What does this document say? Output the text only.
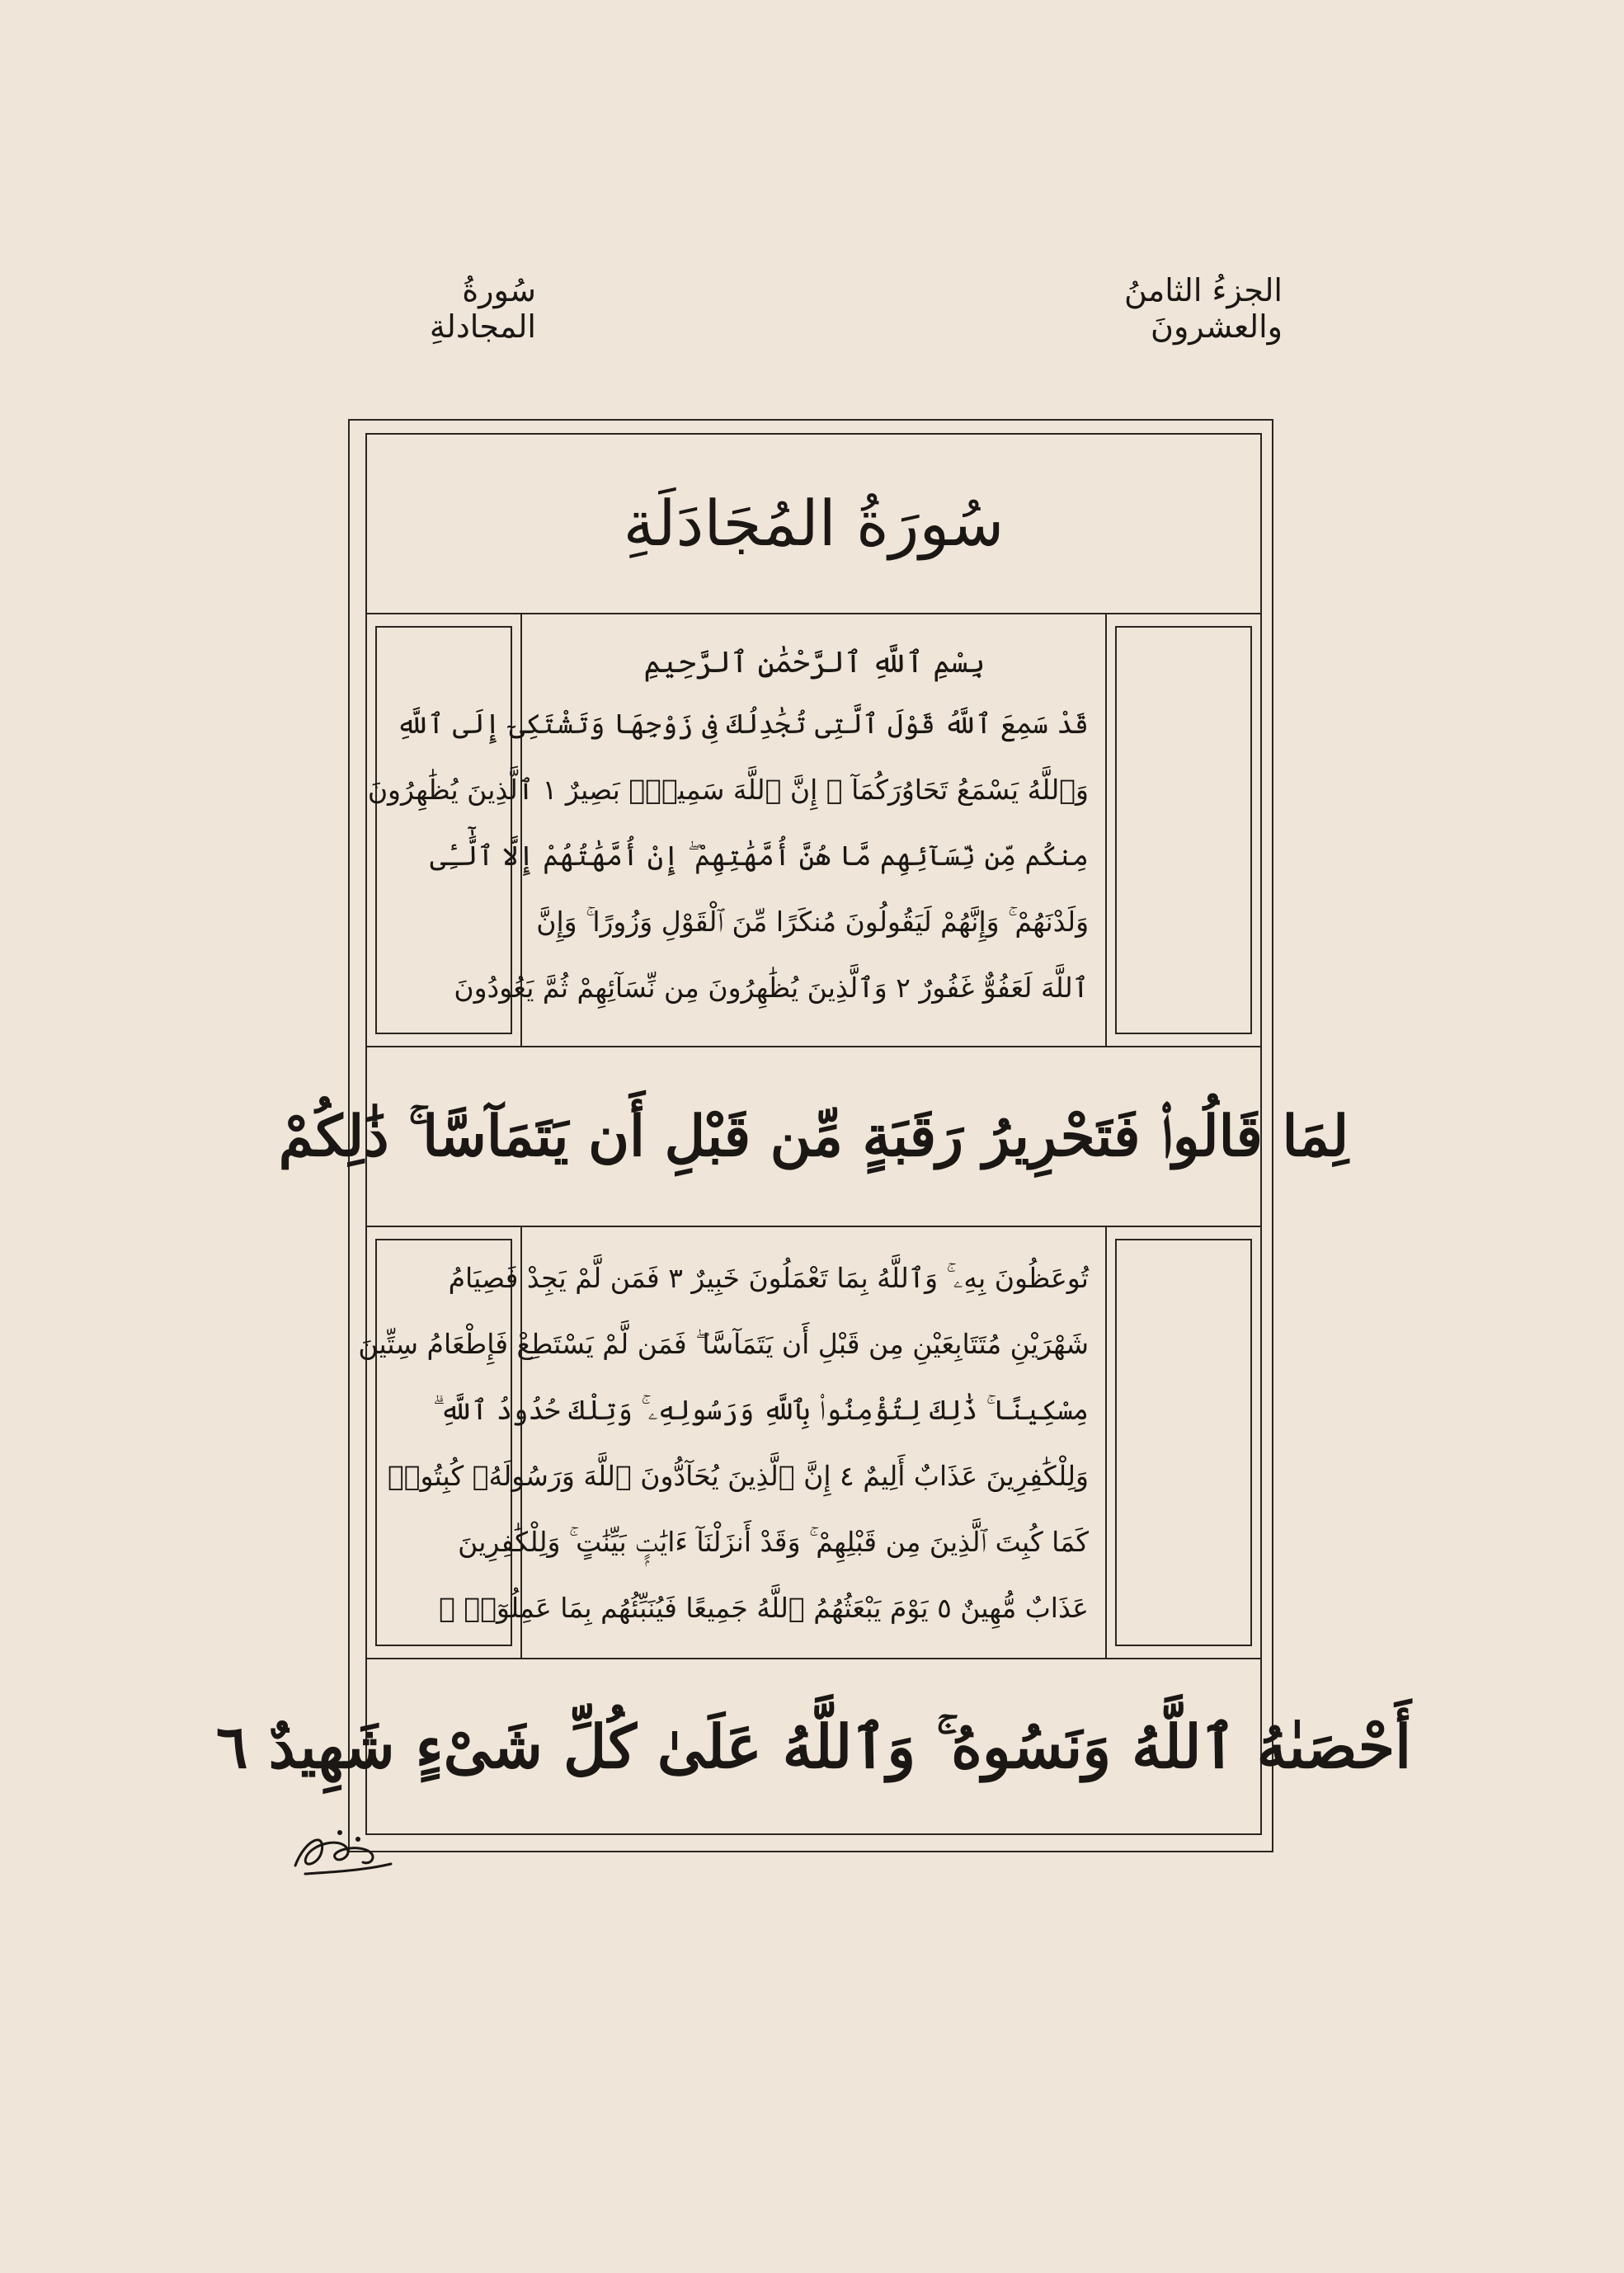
الجزءُ الثامنُ والعشرونَ
سُورةُ المجادلةِ
سُورَةُ المُجَادَلَةِ
بِسْمِ ٱللَّهِ ٱلرَّحْمَٰنِ ٱلرَّحِيمِ
قَدْ سَمِعَ ٱللَّهُ قَوْلَ ٱلَّتِى تُجَٰدِلُكَ فِى زَوْجِهَا وَتَشْتَكِىٓ إِلَى ٱللَّهِ
وَٱللَّهُ يَسْمَعُ تَحَاوُرَكُمَآ ۚ إِنَّ ٱللَّهَ سَمِيعٌۢ بَصِيرٌ ١ ٱلَّذِينَ يُظَٰهِرُونَ
مِنكُم مِّن نِّسَآئِهِم مَّا هُنَّ أُمَّهَٰتِهِمْ ۖ إِنْ أُمَّهَٰتُهُمْ إِلَّا ٱلَّٰٓـِٔى
وَلَدْنَهُمْ ۚ وَإِنَّهُمْ لَيَقُولُونَ مُنكَرًا مِّنَ ٱلْقَوْلِ وَزُورًا ۚ وَإِنَّ
ٱللَّهَ لَعَفُوٌّ غَفُورٌ ٢ وَٱلَّذِينَ يُظَٰهِرُونَ مِن نِّسَآئِهِمْ ثُمَّ يَعُودُونَ
لِمَا قَالُوا۟ فَتَحْرِيرُ رَقَبَةٍ مِّن قَبْلِ أَن يَتَمَآسَّا ۚ ذَٰلِكُمْ
تُوعَظُونَ بِهِۦ ۚ وَٱللَّهُ بِمَا تَعْمَلُونَ خَبِيرٌ ٣ فَمَن لَّمْ يَجِدْ فَصِيَامُ
شَهْرَيْنِ مُتَتَابِعَيْنِ مِن قَبْلِ أَن يَتَمَآسَّا ۖ فَمَن لَّمْ يَسْتَطِعْ فَإِطْعَامُ سِتِّينَ
مِسْكِينًا ۚ ذَٰلِكَ لِتُؤْمِنُوا۟ بِٱللَّهِ وَرَسُولِهِۦ ۚ وَتِلْكَ حُدُودُ ٱللَّهِ ۗ
وَلِلْكَٰفِرِينَ عَذَابٌ أَلِيمٌ ٤ إِنَّ ٱلَّذِينَ يُحَآدُّونَ ٱللَّهَ وَرَسُولَهُۥ كُبِتُوا۟
كَمَا كُبِتَ ٱلَّذِينَ مِن قَبْلِهِمْ ۚ وَقَدْ أَنزَلْنَآ ءَايَٰتٍۭ بَيِّنَٰتٍ ۚ وَلِلْكَٰفِرِينَ
عَذَابٌ مُّهِينٌ ٥ يَوْمَ يَبْعَثُهُمُ ٱللَّهُ جَمِيعًا فَيُنَبِّئُهُم بِمَا عَمِلُوٓا۟ ۚ
أَحْصَىٰهُ ٱللَّهُ وَنَسُوهُ ۚ وَٱللَّهُ عَلَىٰ كُلِّ شَىْءٍ شَهِيدٌ ٦
